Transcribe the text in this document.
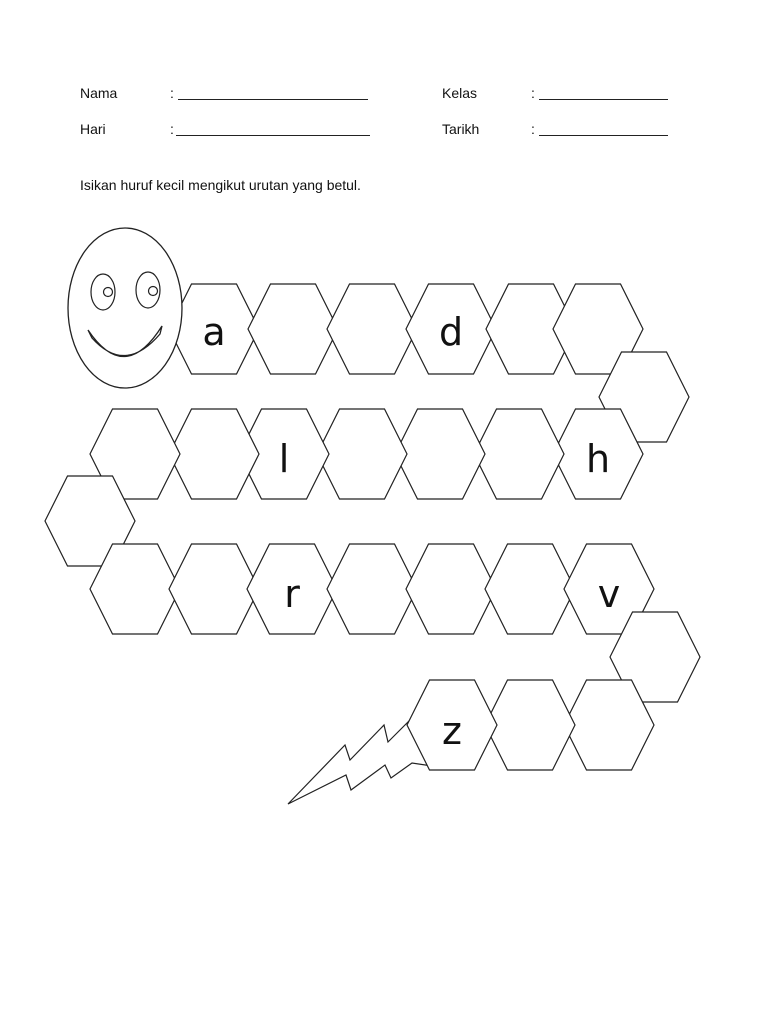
Nama	:	Kelas	:
Hari	:	Tarikh	:
Isikan huruf kecil mengikut urutan yang betul.
a	d
l	h
r	v
z
